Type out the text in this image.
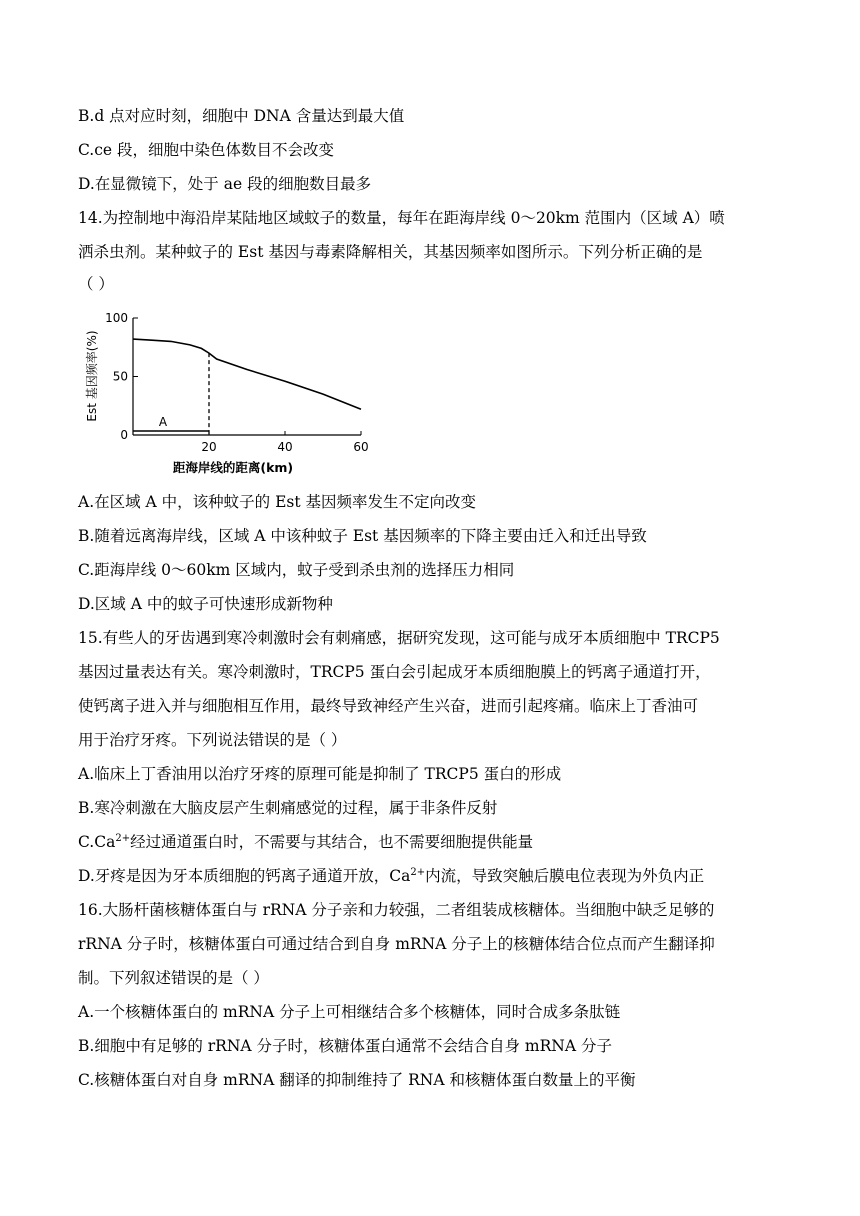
B.d 点对应时刻，细胞中 DNA 含量达到最大值
C.ce 段，细胞中染色体数目不会改变
D.在显微镜下，处于 ae 段的细胞数目最多
14.为控制地中海沿岸某陆地区域蚊子的数量，每年在距海岸线 0～20km 范围内（区域 A）喷
洒杀虫剂。某种蚊子的 Est 基因与毒素降解相关，其基因频率如图所示。下列分析正确的是
（ ）
0
50
100
20	40	60
A
Est 基因频率(%)
距海岸线的距离(km)
A.在区域 A 中，该种蚊子的 Est 基因频率发生不定向改变
B.随着远离海岸线，区域 A 中该种蚊子 Est 基因频率的下降主要由迁入和迁出导致
C.距海岸线 0～60km 区域内，蚊子受到杀虫剂的选择压力相同
D.区域 A 中的蚊子可快速形成新物种
15.有些人的牙齿遇到寒冷刺激时会有刺痛感，据研究发现，这可能与成牙本质细胞中 TRCP5
基因过量表达有关。寒冷刺激时，TRCP5 蛋白会引起成牙本质细胞膜上的钙离子通道打开，
使钙离子进入并与细胞相互作用，最终导致神经产生兴奋，进而引起疼痛。临床上丁香油可
用于治疗牙疼。下列说法错误的是（ ）
A.临床上丁香油用以治疗牙疼的原理可能是抑制了 TRCP5 蛋白的形成
B.寒冷刺激在大脑皮层产生刺痛感觉的过程，属于非条件反射
$C.Ca^{2+}$经过通道蛋白时，不需要与其结合，也不需要细胞提供能量
D.牙疼是因为牙本质细胞的钙离子通道开放，$Ca^{2+}$内流，导致突触后膜电位表现为外负内正
16.大肠杆菌核糖体蛋白与 rRNA 分子亲和力较强，二者组装成核糖体。当细胞中缺乏足够的
rRNA 分子时，核糖体蛋白可通过结合到自身 mRNA 分子上的核糖体结合位点而产生翻译抑
制。下列叙述错误的是（ ）
A.一个核糖体蛋白的 mRNA 分子上可相继结合多个核糖体，同时合成多条肽链
B.细胞中有足够的 rRNA 分子时，核糖体蛋白通常不会结合自身 mRNA 分子
C.核糖体蛋白对自身 mRNA 翻译的抑制维持了 RNA 和核糖体蛋白数量上的平衡
